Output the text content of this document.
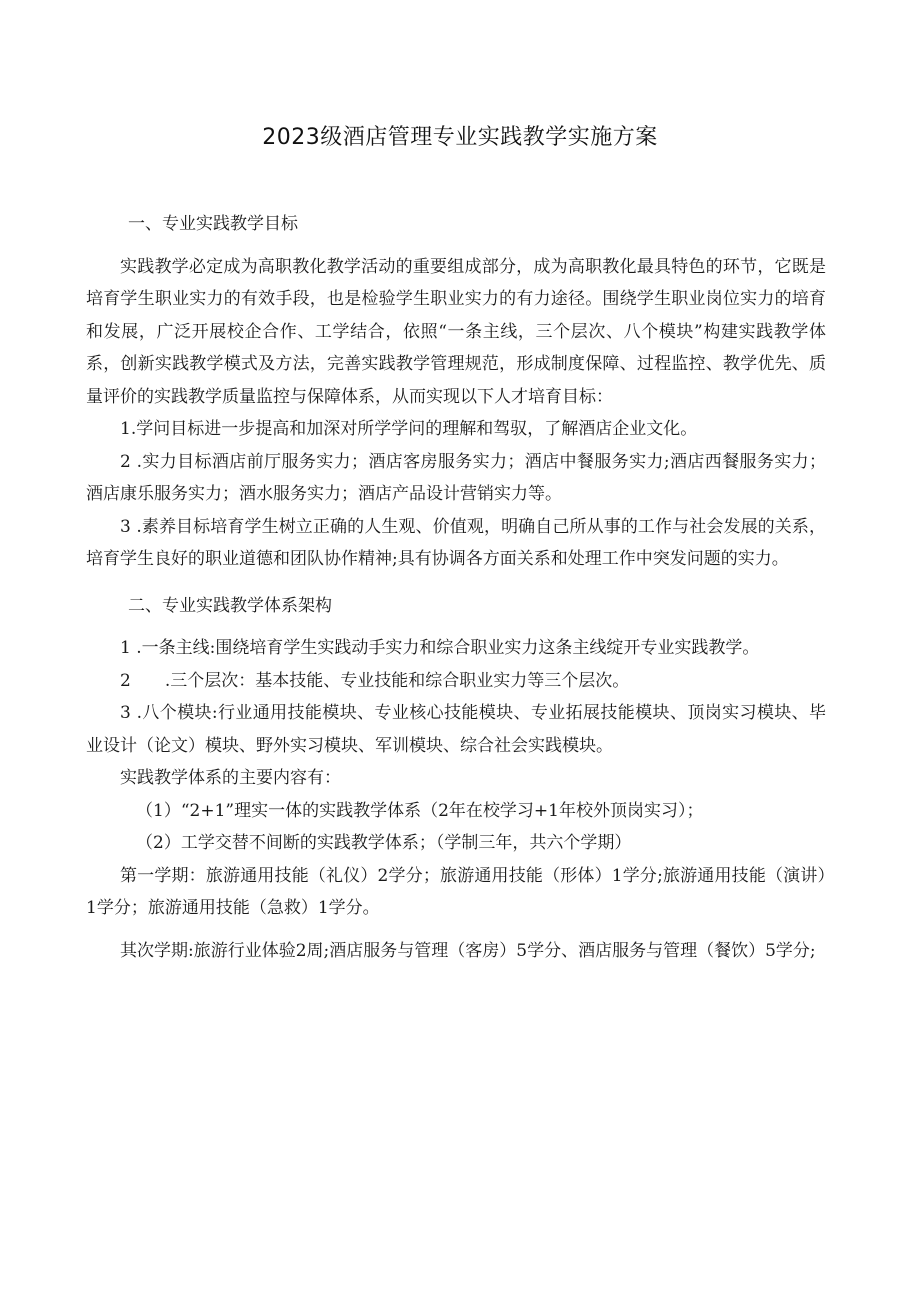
2023级酒店管理专业实践教学实施方案

一、专业实践教学目标

实践教学必定成为高职教化教学活动的重要组成部分，成为高职教化最具特色的环节，它既是培育学生职业实力的有效手段，也是检验学生职业实力的有力途径。围绕学生职业岗位实力的培育和发展，广泛开展校企合作、工学结合，依照“一条主线，三个层次、八个模块”构建实践教学体系，创新实践教学模式及方法，完善实践教学管理规范，形成制度保障、过程监控、教学优先、质量评价的实践教学质量监控与保障体系，从而实现以下人才培育目标：

1.学问目标进一步提高和加深对所学学问的理解和驾驭，了解酒店企业文化。

2 .实力目标酒店前厅服务实力；酒店客房服务实力；酒店中餐服务实力;酒店西餐服务实力；酒店康乐服务实力；酒水服务实力；酒店产品设计营销实力等。

3 .素养目标培育学生树立正确的人生观、价值观，明确自己所从事的工作与社会发展的关系，培育学生良好的职业道德和团队协作精神;具有协调各方面关系和处理工作中突发问题的实力。

二、专业实践教学体系架构

1 .一条主线:围绕培育学生实践动手实力和综合职业实力这条主线绽开专业实践教学。

2　　.三个层次：基本技能、专业技能和综合职业实力等三个层次。

3 .八个模块:行业通用技能模块、专业核心技能模块、专业拓展技能模块、顶岗实习模块、毕业设计（论文）模块、野外实习模块、军训模块、综合社会实践模块。

实践教学体系的主要内容有：

（1）“2+1”理实一体的实践教学体系（2年在校学习+1年校外顶岗实习）；

（2）工学交替不间断的实践教学体系；（学制三年，共六个学期）

第一学期：旅游通用技能（礼仪）2学分；旅游通用技能（形体）1学分;旅游通用技能（演讲）1学分；旅游通用技能（急救）1学分。

其次学期:旅游行业体验2周;酒店服务与管理（客房）5学分、酒店服务与管理（餐饮）5学分;
